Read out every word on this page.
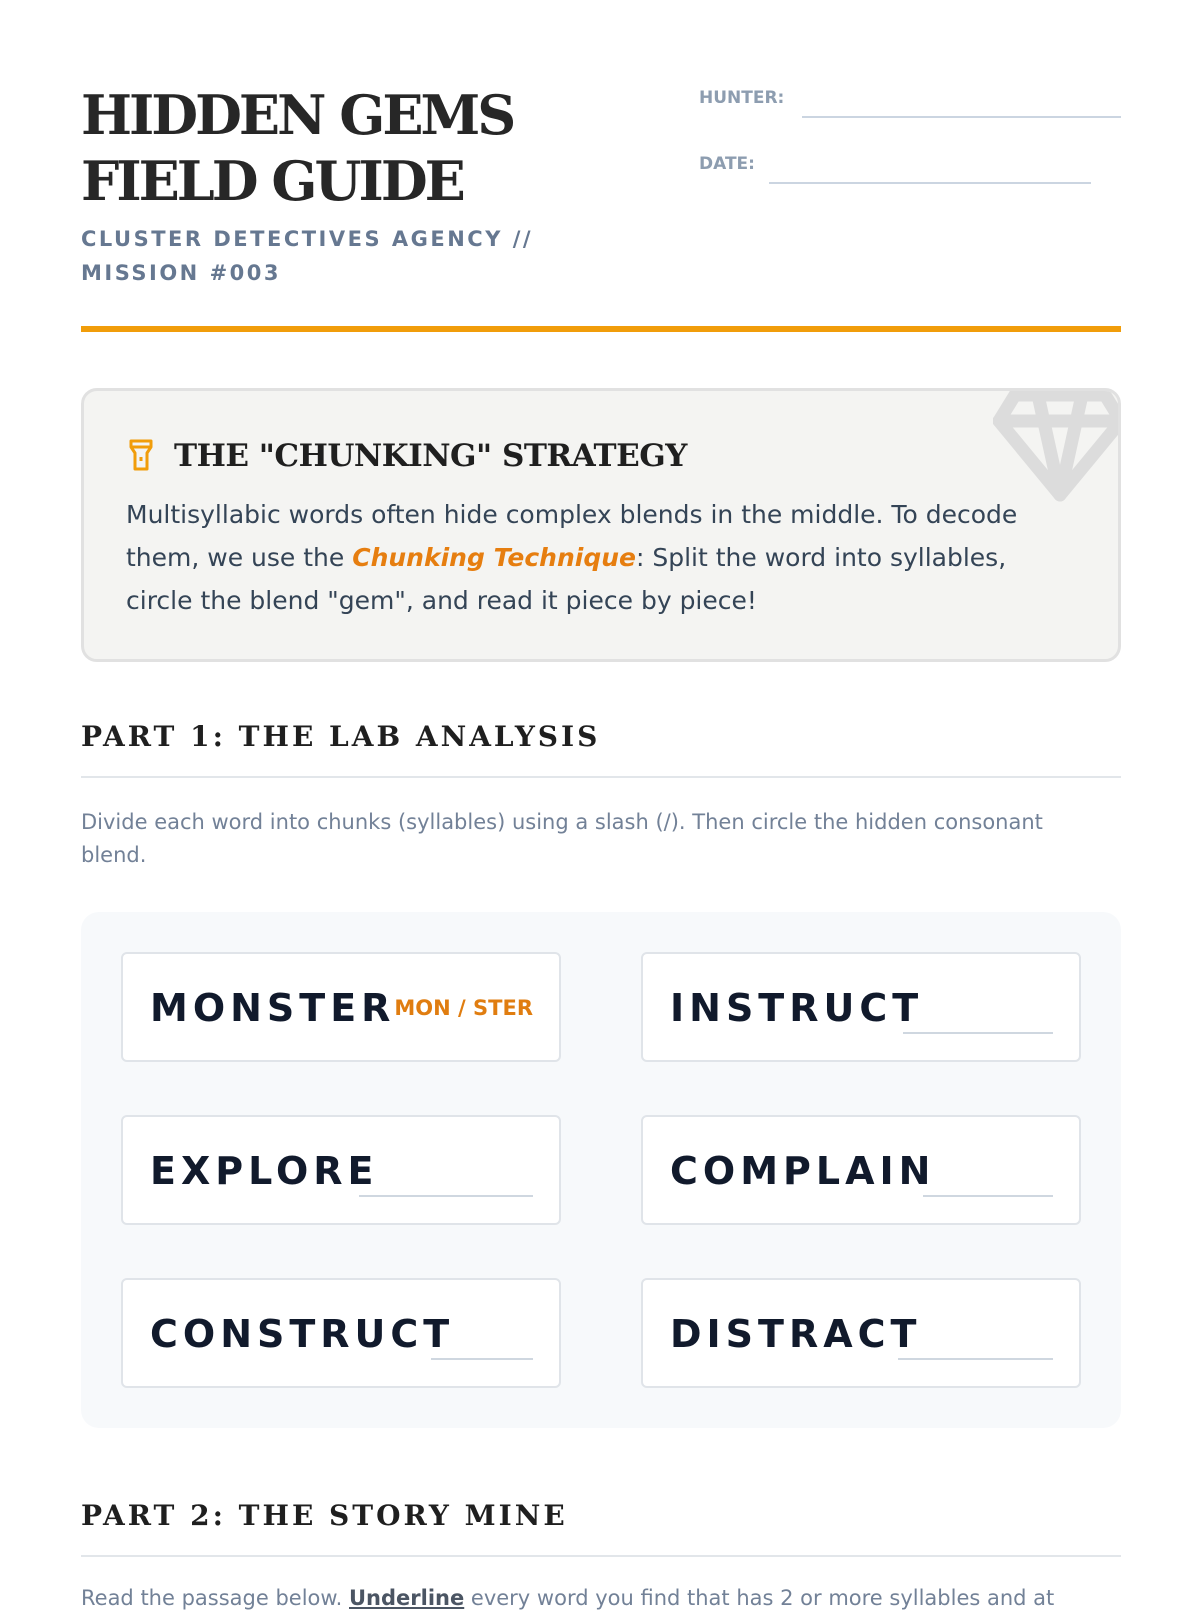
HIDDEN GEMS FIELD GUIDE
CLUSTER DETECTIVES AGENCY // MISSION #003
HUNTER:
DATE:
THE "CHUNKING" STRATEGY

Multisyllabic words often hide complex blends in the middle. To decode them, we use the Chunking Technique: Split the word into syllables, circle the blend "gem", and read it piece by piece!

PART 1: THE LAB ANALYSIS

Divide each word into chunks (syllables) using a slash (/). Then circle the hidden consonant blend.

MONSTER
MON / STER	INSTRUCT
EXPLORE	COMPLAIN
CONSTRUCT	DISTRACT
PART 2: THE STORY MINE

Read the passage below. Underline every word you find that has 2 or more syllables and at
